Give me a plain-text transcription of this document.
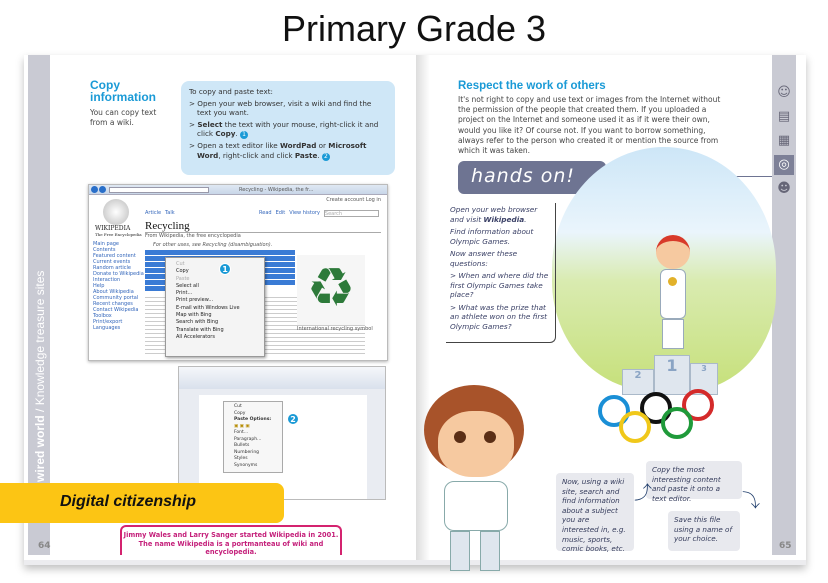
Primary Grade 3
wired world / Knowledge treasure sites
64
Copy information
You can copy text from a wiki.
To copy and paste text:
> Open your web browser, visit a wiki and find the text you want.
> Select the text with your mouse, right-click it and click Copy. 1
> Open a text editor like WordPad or Microsoft Word, right-click and click Paste. 2
Recycling - Wikipedia, the fr...
Create account Log in
WIKIPEDIA
The Free Encyclopedia
Main page
Contents
Featured content
Current events
Random article
Donate to Wikipedia
Interaction
Help
About Wikipedia
Community portal
Recent changes
Contact Wikipedia
Toolbox
Print/export
Languages
Article Talk	Read Edit View history Search
Recycling
From Wikipedia, the free encyclopedia
For other uses, see Recycling (disambiguation).
♻
International recycling symbol
Cut
Copy
Paste
Select all
Print...
Print preview...
E-mail with Windows Live
Map with Bing
Search with Bing
Translate with Bing
All Accelerators
1
Cut
Copy
Paste Options:
▣ ▣ ▣
Font...
Paragraph...
Bullets
Numbering
Styles
Synonyms
2
Jimmy Wales and Larry Sanger started Wikipedia in 2001. The name Wikipedia is a portmanteau of wiki and encyclopedia.
☺
▤
▦
◎
☻
65
Respect the work of others
It's not right to copy and use text or images from the Internet without the permission of the people that created them. If you uploaded a project on the Internet and someone used it as if it were their own, would you like it? Of course not. If you want to borrow something, always refer to the person who created it or mention the source from which it was taken.
hands on!
2
1	3

Open your web browser and visit Wikipedia.

Find information about Olympic Games.

Now answer these questions:

> When and where did the first Olympic Games take place?

> What was the prize that an athlete won on the first Olympic Games?

Now, using a wiki site, search and find information about a subject you are interested in, e.g. music, sports, comic books, etc.
Copy the most interesting content and paste it onto a text editor.
Save this file using a name of your choice.
⤴	⤵
Digital citizenship
